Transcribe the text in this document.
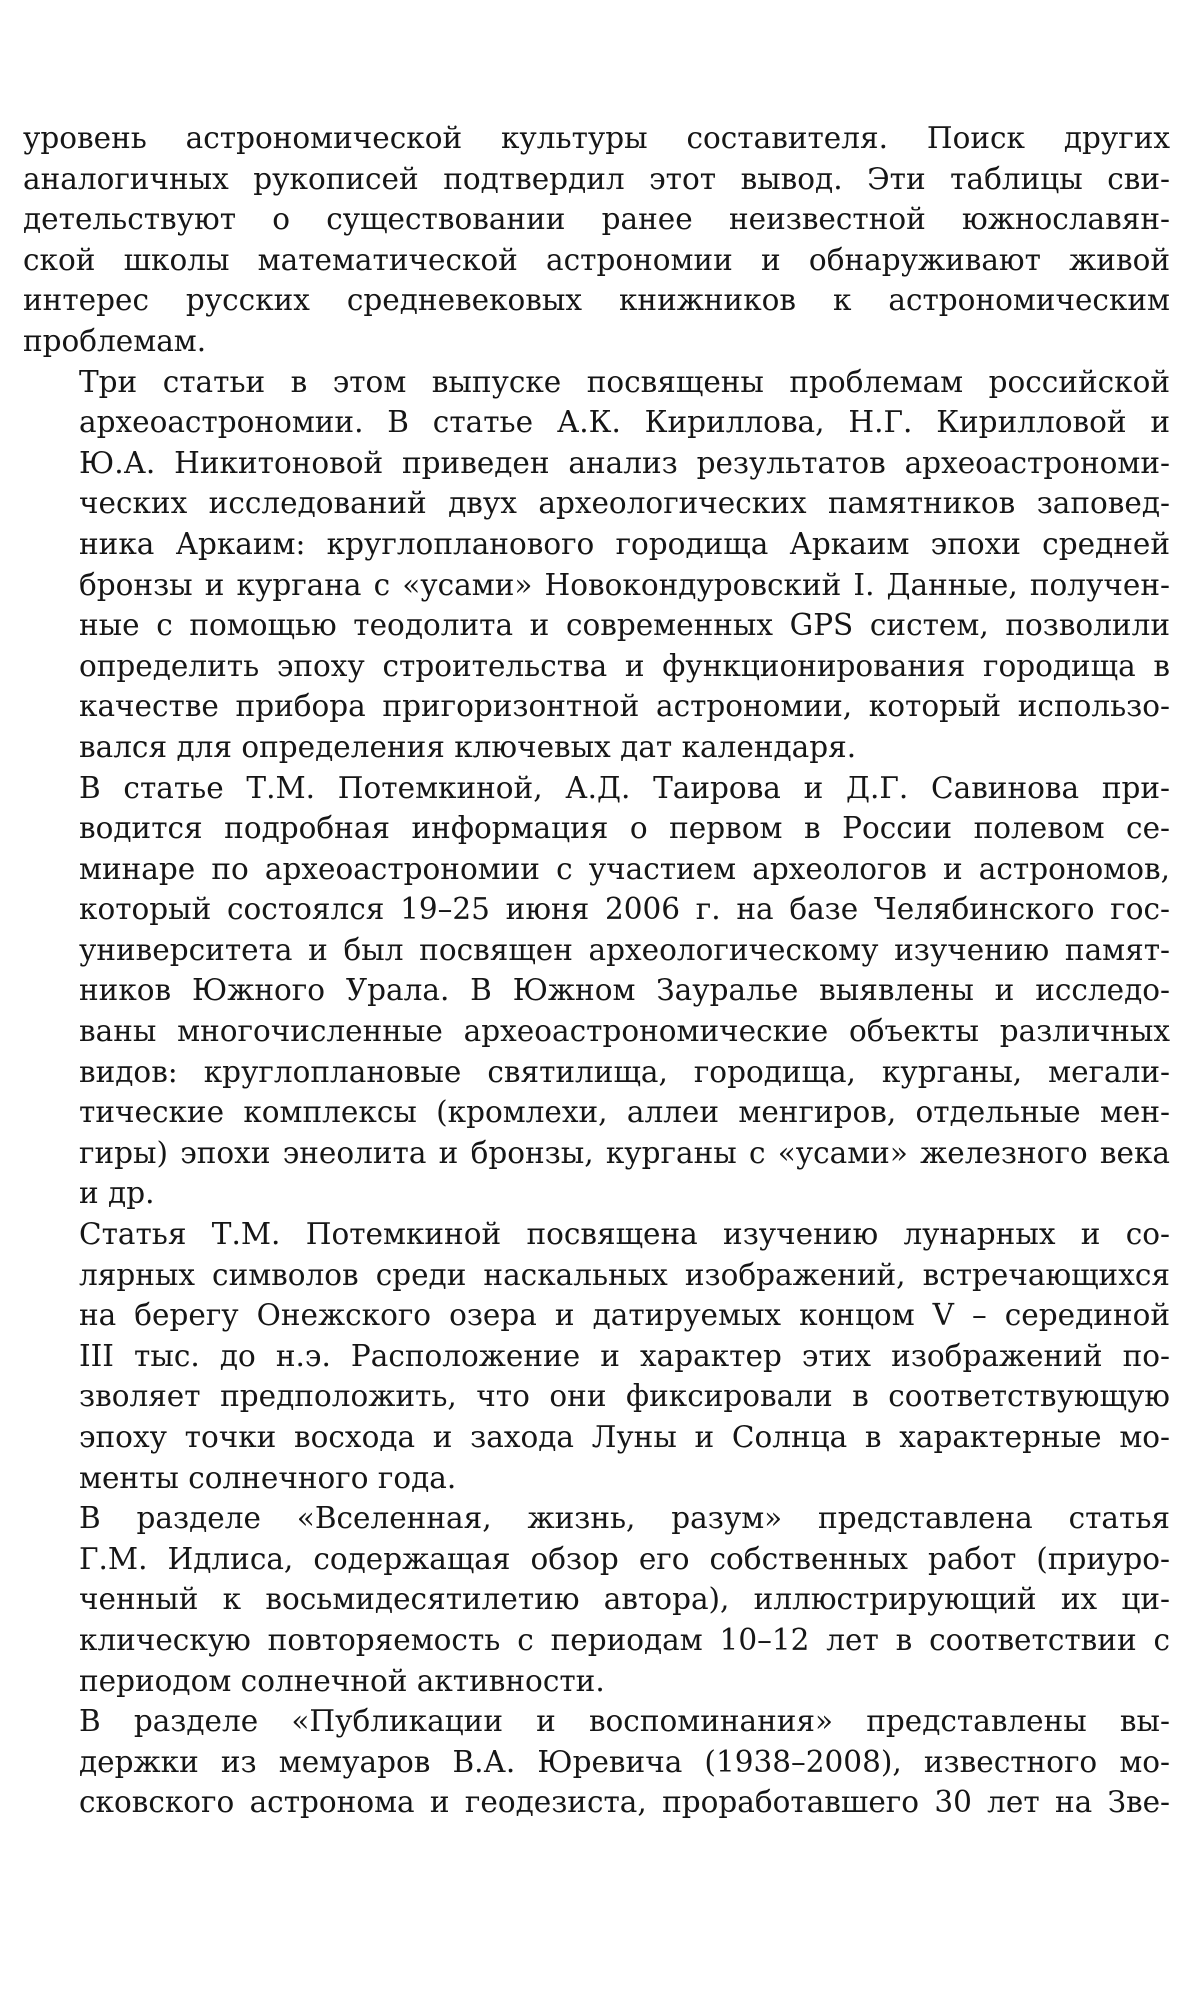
уровень астрономической культуры составителя. Поиск других
аналогичных рукописей подтвердил этот вывод. Эти таблицы сви-
детельствуют о существовании ранее неизвестной южнославян-
ской школы математической астрономии и обнаруживают живой
интерес русских средневековых книжников к астрономическим
проблемам.
Три статьи в этом выпуске посвящены проблемам российской
археоастрономии. В статье А.К. Кириллова, Н.Г. Кирилловой и
Ю.А. Никитоновой приведен анализ результатов археоастрономи-
ческих исследований двух археологических памятников заповед-
ника Аркаим: круглопланового городища Аркаим эпохи средней
бронзы и кургана с «усами» Новокондуровский I. Данные, получен-
ные с помощью теодолита и современных GPS систем, позволили
определить эпоху строительства и функционирования городища в
качестве прибора пригоризонтной астрономии, который использо-
вался для определения ключевых дат календаря.
В статье Т.М. Потемкиной, А.Д. Таирова и Д.Г. Савинова при-
водится подробная информация о первом в России полевом се-
минаре по археоастрономии с участием археологов и астрономов,
который состоялся 19–25 июня 2006 г. на базе Челябинского гос-
университета и был посвящен археологическому изучению памят-
ников Южного Урала. В Южном Зауралье выявлены и исследо-
ваны многочисленные археоастрономические объекты различных
видов: круглоплановые святилища, городища, курганы, мегали-
тические комплексы (кромлехи, аллеи менгиров, отдельные мен-
гиры) эпохи энеолита и бронзы, курганы с «усами» железного века
и др.
Статья Т.М. Потемкиной посвящена изучению лунарных и со-
лярных символов среди наскальных изображений, встречающихся
на берегу Онежского озера и датируемых концом V – серединой
III тыс. до н.э. Расположение и характер этих изображений по-
зволяет предположить, что они фиксировали в соответствующую
эпоху точки восхода и захода Луны и Солнца в характерные мо-
менты солнечного года.
В разделе «Вселенная, жизнь, разум» представлена статья
Г.М. Идлиса, содержащая обзор его собственных работ (приуро-
ченный к восьмидесятилетию автора), иллюстрирующий их ци-
клическую повторяемость с периодам 10–12 лет в соответствии с
периодом солнечной активности.
В разделе «Публикации и воспоминания» представлены вы-
держки из мемуаров В.А. Юревича (1938–2008), известного мо-
сковского астронома и геодезиста, проработавшего 30 лет на Зве-
